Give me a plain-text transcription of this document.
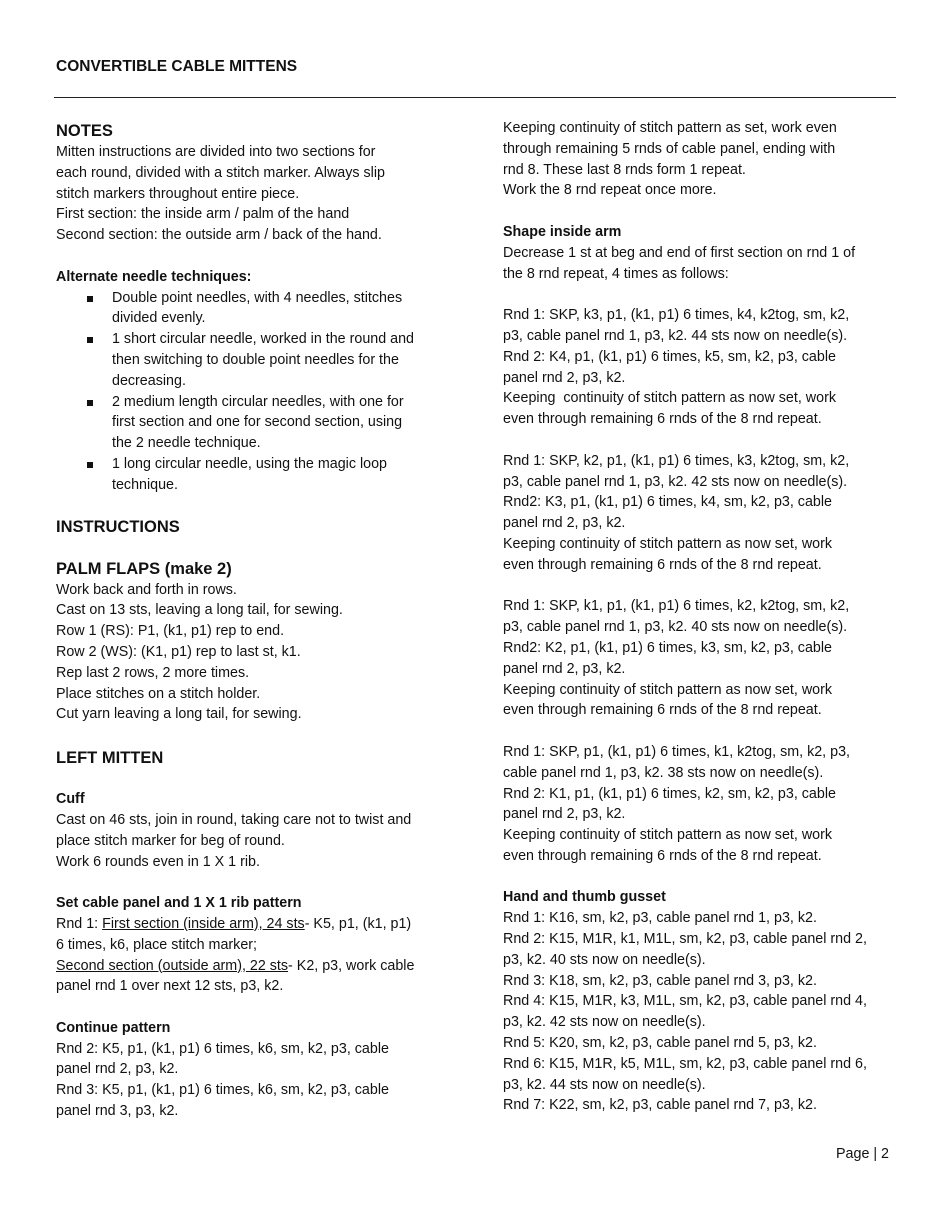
CONVERTIBLE CABLE MITTENS
NOTES
Mitten instructions are divided into two sections for
each round, divided with a stitch marker. Always slip
stitch markers throughout entire piece.
First section: the inside arm / palm of the hand
Second section: the outside arm / back of the hand.
Alternate needle techniques:
Double point needles, with 4 needles, stitches
divided evenly.
1 short circular needle, worked in the round and
then switching to double point needles for the
decreasing.
2 medium length circular needles, with one for
first section and one for second section, using
the 2 needle technique.
1 long circular needle, using the magic loop
technique.
INSTRUCTIONS
PALM FLAPS (make 2)
Work back and forth in rows.
Cast on 13 sts, leaving a long tail, for sewing.
Row 1 (RS): P1, (k1, p1) rep to end.
Row 2 (WS): (K1, p1) rep to last st, k1.
Rep last 2 rows, 2 more times.
Place stitches on a stitch holder.
Cut yarn leaving a long tail, for sewing.
LEFT MITTEN
Cuff
Cast on 46 sts, join in round, taking care not to twist and
place stitch marker for beg of round.
Work 6 rounds even in 1 X 1 rib.
Set cable panel and 1 X 1 rib pattern
Rnd 1: First section (inside arm), 24 sts- K5, p1, (k1, p1)
6 times, k6, place stitch marker;
Second section (outside arm), 22 sts- K2, p3, work cable
panel rnd 1 over next 12 sts, p3, k2.
Continue pattern
Rnd 2: K5, p1, (k1, p1) 6 times, k6, sm, k2, p3, cable
panel rnd 2, p3, k2.
Rnd 3: K5, p1, (k1, p1) 6 times, k6, sm, k2, p3, cable
panel rnd 3, p3, k2.
Keeping continuity of stitch pattern as set, work even
through remaining 5 rnds of cable panel, ending with
rnd 8. These last 8 rnds form 1 repeat.
Work the 8 rnd repeat once more.
Shape inside arm
Decrease 1 st at beg and end of first section on rnd 1 of
the 8 rnd repeat, 4 times as follows:
Rnd 1: SKP, k3, p1, (k1, p1) 6 times, k4, k2tog, sm, k2,
p3, cable panel rnd 1, p3, k2. 44 sts now on needle(s).
Rnd 2: K4, p1, (k1, p1) 6 times, k5, sm, k2, p3, cable
panel rnd 2, p3, k2.
Keeping  continuity of stitch pattern as now set, work
even through remaining 6 rnds of the 8 rnd repeat.
Rnd 1: SKP, k2, p1, (k1, p1) 6 times, k3, k2tog, sm, k2,
p3, cable panel rnd 1, p3, k2. 42 sts now on needle(s).
Rnd2: K3, p1, (k1, p1) 6 times, k4, sm, k2, p3, cable
panel rnd 2, p3, k2.
Keeping continuity of stitch pattern as now set, work
even through remaining 6 rnds of the 8 rnd repeat.
Rnd 1: SKP, k1, p1, (k1, p1) 6 times, k2, k2tog, sm, k2,
p3, cable panel rnd 1, p3, k2. 40 sts now on needle(s).
Rnd2: K2, p1, (k1, p1) 6 times, k3, sm, k2, p3, cable
panel rnd 2, p3, k2.
Keeping continuity of stitch pattern as now set, work
even through remaining 6 rnds of the 8 rnd repeat.
Rnd 1: SKP, p1, (k1, p1) 6 times, k1, k2tog, sm, k2, p3,
cable panel rnd 1, p3, k2. 38 sts now on needle(s).
Rnd 2: K1, p1, (k1, p1) 6 times, k2, sm, k2, p3, cable
panel rnd 2, p3, k2.
Keeping continuity of stitch pattern as now set, work
even through remaining 6 rnds of the 8 rnd repeat.
Hand and thumb gusset
Rnd 1: K16, sm, k2, p3, cable panel rnd 1, p3, k2.
Rnd 2: K15, M1R, k1, M1L, sm, k2, p3, cable panel rnd 2,
p3, k2. 40 sts now on needle(s).
Rnd 3: K18, sm, k2, p3, cable panel rnd 3, p3, k2.
Rnd 4: K15, M1R, k3, M1L, sm, k2, p3, cable panel rnd 4,
p3, k2. 42 sts now on needle(s).
Rnd 5: K20, sm, k2, p3, cable panel rnd 5, p3, k2.
Rnd 6: K15, M1R, k5, M1L, sm, k2, p3, cable panel rnd 6,
p3, k2. 44 sts now on needle(s).
Rnd 7: K22, sm, k2, p3, cable panel rnd 7, p3, k2.
Page | 2
